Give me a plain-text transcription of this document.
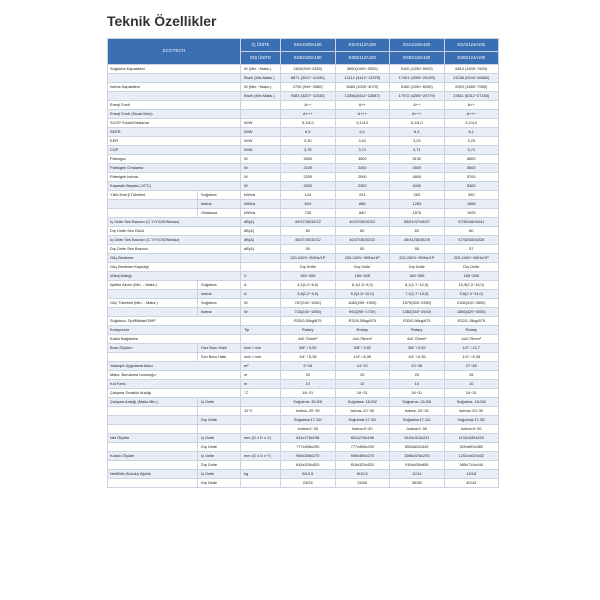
Teknik Özellikler
ECOTECH		İÇ ÜNİTE	ESA2109A100	ESA2112A100	ESA2118A100	ESA2124A100
		DIŞ ÜNİTE	ESB2109A100	ESB2112A100	ESB2118A100	ESB2124A100
Soğutma Kapasitesi		W (Min.~Maks.)	2600(940~3350)	3550(1000~3920)	5100 (1250~5920)	6810 (1830~7820)
		Btu/h (Min.Maks.)	8871 (3207~11430)	12112 (3412~13375)	17401 (4265~20199)	23236 (6244~26682)
Isıtma Kapasitesi		W (Min.~Maks.)	2750 (940~3580)	3680 (1000~4070)	5150 (1250~6090)	6920 (1850~7960)
		Btu/h (Min.Maks.)	9383 (3207~11533)	12556(3412~13887)	17572 (4265~20779)	23611 (6312~27160)
Enerji Sınıfı			A++	A++	A++	A++
Enerji Sınıfı (Sıcak İklim)			A+++	A+++	A+++	A+++
SCOP Sıcak/Ortalama		W/W	5,1/4,0	5,1/4,0	5,1/4,0	5,1/4,0
SEER		W/W	6,3	6,1	6,3	6,1
EER		W/W	3,30	3,01	3,23	3,23
COP		W/W	3,75	3,71	3,71	3,71
Pdesignc		W	2600	3500	5100	6800
Pdesignh Ortalama		W	2100	2400	4500	5500
Pdesignh Isıtma		W	2200	2500	4600	5700
Kapasite Beyanı(-10°C)		W	2000	2300	4000	5300
Yıllık Enerji Tüketimi	Soğutma	kWh/a	144	201	283	390
	Isıtma	kWh/a	604	686	1263	1565
	Ortalama	kWh/a	735	840	1575	1925
İç Ünite Ses Basıncı (C.Y/Y/O/D/Sessiz)		dB(A)	40/37/35/32/22	40/37/35/32/22	55/51/47/43/37	57/52/48/44/41
Dış Ünite Ses Gücü		dB(A)	60	60	60	60
İç Ünite Ses Basıncı (C.Y/Y/O/D/Sessiz)		dB(A)	40/37/35/32/22	40/37/35/32/22	45/41/38/35/28	47/42/38/34/28
Dış Ünite Ses Basıncı		dB(A)	50	50	55	57
Güç Besleme			220-240V~/50Hz/1P	220-240V~/50Hz/1P	220-240V~/50Hz/1P	220-240V~/50Hz/1P
Güç Besleme Kaynağı			Dış Ünite	Dış Ünite	Dış Ünite	Dış Ünite
Voltaj Aralığı		V	165~265	165~265	165~265	165~265
İşletim Akımı (Min. - Maks.)	Soğutma	A	4,1(1,2~8,0)	6,1(1,5~9,0)	8,1(1,7~12,0)	10,9(2,3~13,0)
	Isıtma	A	3,8(1,2~9,0)	5,2(1,5~10,0)	7,1(1,7~13,0)	9,6(2,3~14,0)
Güç Tüketimi (Min. - Maks.)	Soğutma	W	787(240~1050)	1180(290~1500)	1579(330~2350)	2108(410~2800)
	Isıtma	W	733(240~1050)	992(290~1720)	1382(340~2540)	1866(420~3000)
Soğutucu Tipi/Miktar/GWP			R32/0,55kg/675	R32/0,55kg/675	R32/0,96kg/675	R32/1,15kg/675
Kompresör		Tip	Rotary	Rotary	Rotary	Rotary
Kablo Bağlantısı			4x0.75mm²	4x0.75mm²	4x0.75mm²	4x0.75mm²
Boru Ölçüleri	Gaz Boru Hattı	Inch / mm	3/8" / 9,52	3/8" / 9,52	3/8" / 9,52	1/2" / 12,7
	Sıvı Boru Hattı	Inch / mm	1/4" / 6,35	1/4" / 6,35	1/4" / 6,35	1/4" / 6,35
Yaklaşık Uygulama Alanı		m²	9~16	14~22	20~35	27~45
Maks. Borulama Uzunluğu		m	25	25	25	25
Kot Farkı		m	10	10	10	10
Çalışma Sıcaklık Aralığı		°C	16~31	16~31	16~31	16~31
Çalışma Aralığı (Maks.Min.)	İç Ünite		Soğutma:-15-53/	Soğutma:-15-53/	Soğutma:-15-53/	Soğutma:-15-53/
		10°C	Isıtma:-20~30	Isıtma:-20~30	Isıtma:-20~30	Isıtma:-20~30
	Dış Ünite		Soğutma:17-32/	Soğutma:17-32/	Soğutma:17-32/	Soğutma:17-32/
			Isıtma:0~30	Isıtma:0~30	Isıtma:0~30	Isıtma:0~30
Net Ölçüler	İç Ünite	mm (G x D x Y)	811x278x198	811x278x198	1015x313x221	1132x333x229
	Dış Ünite		777x498x290	777x498x290	853x602x349	920x699x380
Kutulu Ölçüler	İç Ünite	mm (G x D x Y)	905x355x270	905x355x270	1086x378x293	1202x402x302
	Dış Ünite		818x325x520	818x325x520	915x405x655	965x710x440
Net/Brüt (Kutulu) Ağırlık	İç Ünite	kg	8/10,5	8/10,5	11/14	14/18
	Dış Ünite		23/24	24/26	35/38	40/43
